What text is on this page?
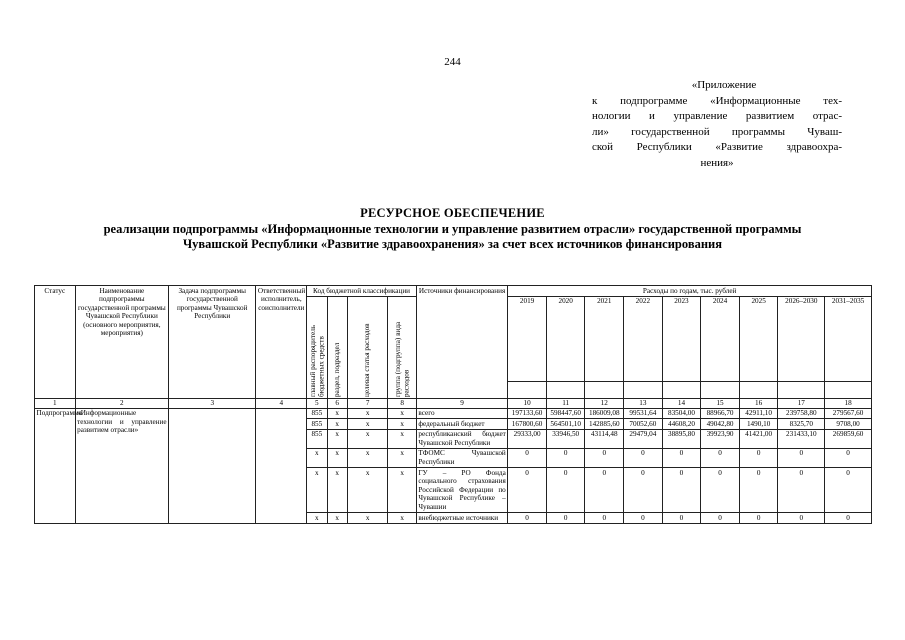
244
«Приложение
к подпрограмме «Информационные тех-
нологии и управление развитием отрас-
ли» государственной программы Чуваш-
ской Республики «Развитие здравоохра-
нения»
РЕСУРСНОЕ ОБЕСПЕЧЕНИЕ
реализации подпрограммы «Информационные технологии и управление развитием отрасли» государственной программы
Чувашской Республики «Развитие здравоохранения» за счет всех источников финансирования
Статус	Наименование подпрограммы государственной программы Чувашской Республики (основного мероприятия, мероприятия)	Задача подпрограммы государственной программы Чувашской Республики	Ответственный исполнитель, соисполнители	Код бюджетной классификации				Источники финансирования	Расходы по годам, тыс. рублей								

				главный распорядитель бюджетных средств	раздел, подраздел	целевая статья расходов	группа (подгруппа) вида расходов		2019	2020	2021	2022	2023	2024	2025	2026–2030	2031–2035

1	2	3	4	5	6	7	8	9	10	11	12	13	14	15	16	17	18
Подпрограмма	«Информационные технологии и управление развитием отрасли»			855	x	x	x	всего	197133,60	598447,60	186009,08	99531,64	83504,00	88966,70	42911,10	239758,80	279567,60
				855	x	x	x	федеральный бюджет	167800,60	564501,10	142885,60	70052,60	44608,20	49042,80	1490,10	8325,70	9708,00
				855	x	x	x	республиканский бюджет Чувашской Республики	29333,00	33946,50	43114,48	29479,04	38895,80	39923,90	41421,00	231433,10	269859,60
				x	x	x	x	ТФОМС Чувашской Республики	0	0	0	0	0	0	0	0	0
				x	x	x	x	ГУ – РО Фонда социального страхования Российской Федерации по Чувашской Республике – Чувашии	0	0	0	0	0	0	0	0	0
				x	x	x	x	внебюджетные источники	0	0	0	0	0	0	0	0	0
